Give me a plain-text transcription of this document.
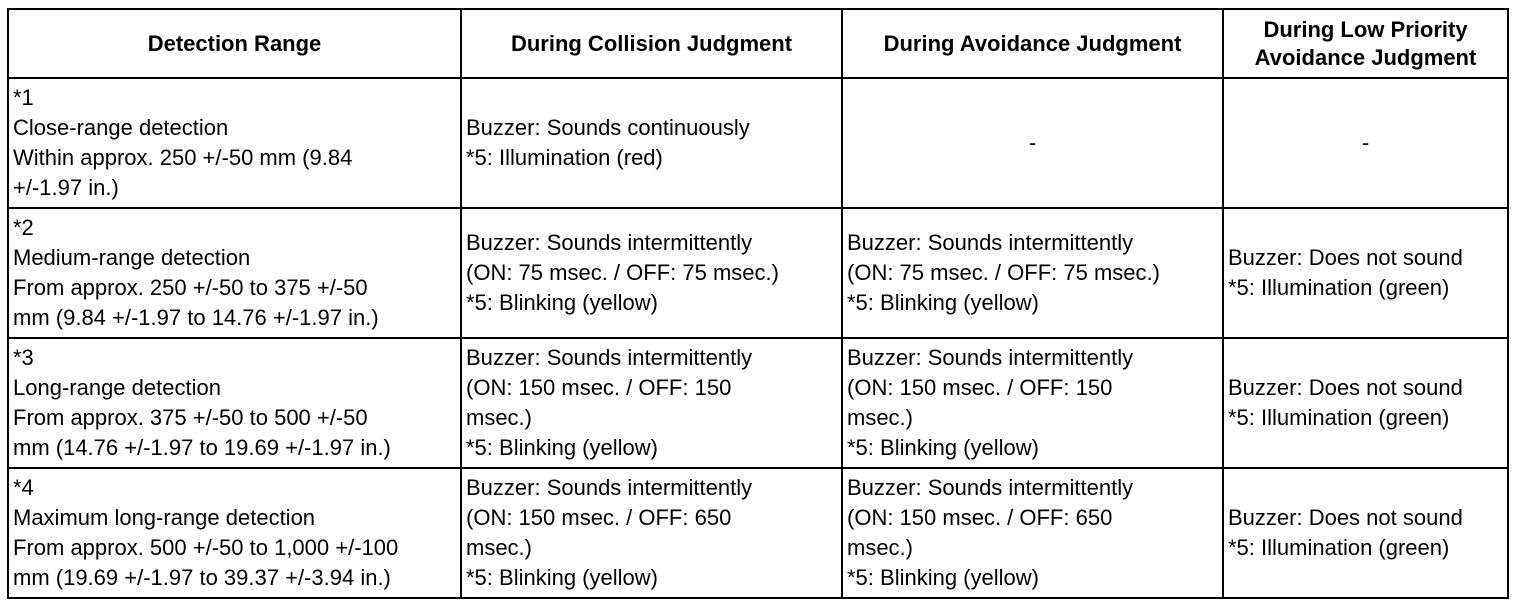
Detection Range	During Collision Judgment	During Avoidance Judgment	During Low Priority Avoidance Judgment

*1
Close-range detection
Within approx. 250 +/-50 mm (9.84
+/-1.97 in.)	Buzzer: Sounds continuously
*5: Illumination (red)	-	-

*2
Medium-range detection
From approx. 250 +/-50 to 375 +/-50
mm (9.84 +/-1.97 to 14.76 +/-1.97 in.)	Buzzer: Sounds intermittently
(ON: 75 msec. / OFF: 75 msec.)
*5: Blinking (yellow)	Buzzer: Sounds intermittently
(ON: 75 msec. / OFF: 75 msec.)
*5: Blinking (yellow)	Buzzer: Does not sound
*5: Illumination (green)

*3
Long-range detection
From approx. 375 +/-50 to 500 +/-50
mm (14.76 +/-1.97 to 19.69 +/-1.97 in.)	Buzzer: Sounds intermittently
(ON: 150 msec. / OFF: 150
msec.)
*5: Blinking (yellow)	Buzzer: Sounds intermittently
(ON: 150 msec. / OFF: 150
msec.)
*5: Blinking (yellow)	Buzzer: Does not sound
*5: Illumination (green)

*4
Maximum long-range detection
From approx. 500 +/-50 to 1,000 +/-100
mm (19.69 +/-1.97 to 39.37 +/-3.94 in.)	Buzzer: Sounds intermittently
(ON: 150 msec. / OFF: 650
msec.)
*5: Blinking (yellow)	Buzzer: Sounds intermittently
(ON: 150 msec. / OFF: 650
msec.)
*5: Blinking (yellow)	Buzzer: Does not sound
*5: Illumination (green)
